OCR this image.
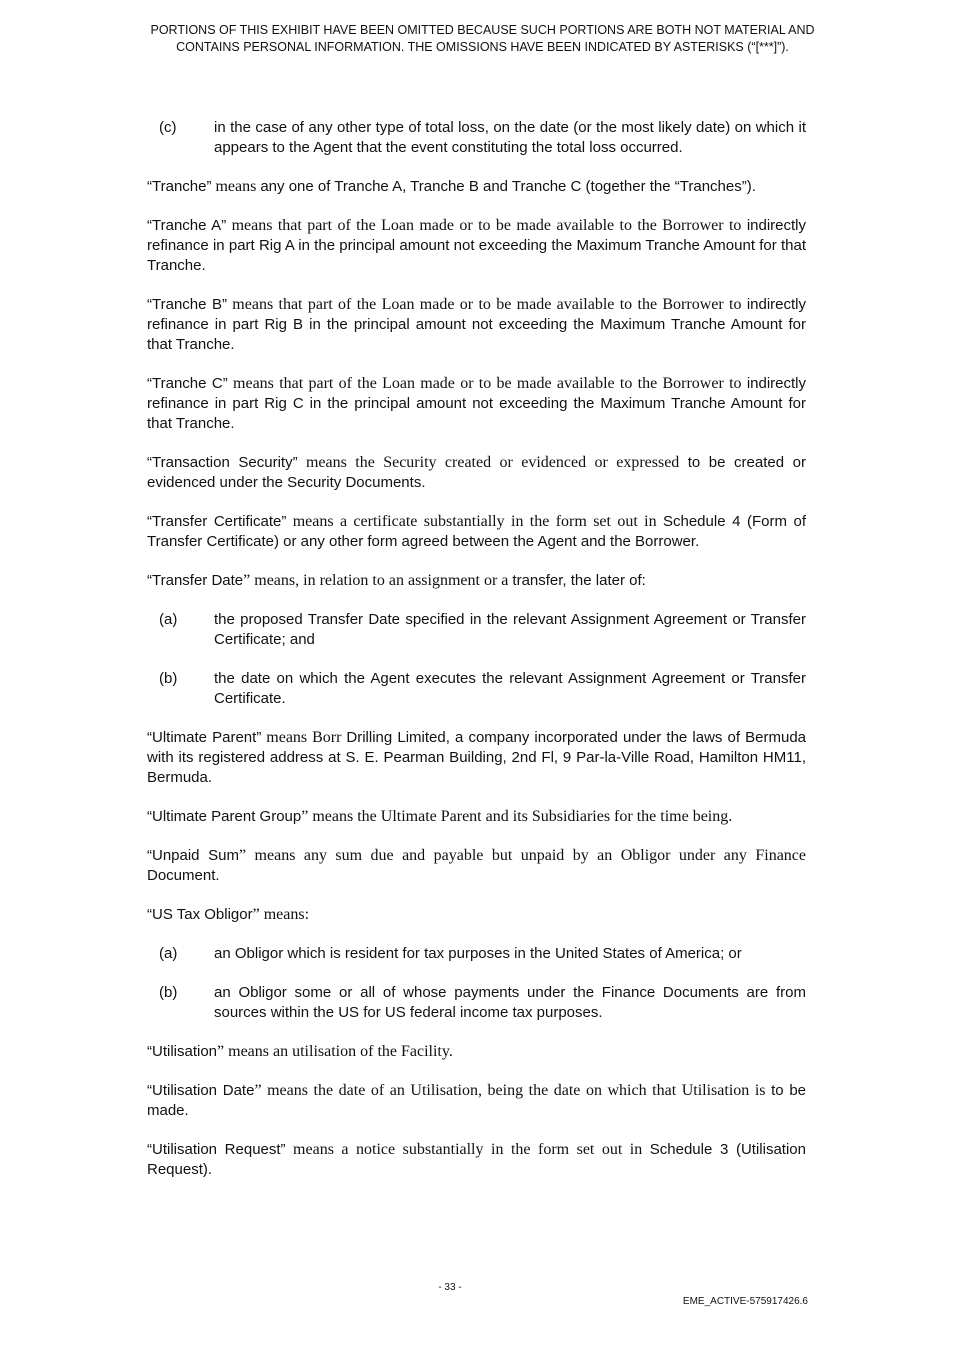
PORTIONS OF THIS EXHIBIT HAVE BEEN OMITTED BECAUSE SUCH PORTIONS ARE BOTH NOT MATERIAL AND
CONTAINS PERSONAL INFORMATION. THE OMISSIONS HAVE BEEN INDICATED BY ASTERISKS (“[***]”).
(c)	in the case of any other type of total loss, on the date (or the most likely date) on which it appears to the Agent that the event constituting the total loss occurred.

“Tranche” means any one of Tranche A, Tranche B and Tranche C (together the “Tranches”).

“Tranche A” means that part of the Loan made or to be made available to the Borrower to indirectly refinance in part Rig A in the principal amount not exceeding the Maximum Tranche Amount for that Tranche.

“Tranche B” means that part of the Loan made or to be made available to the Borrower to indirectly refinance in part Rig B in the principal amount not exceeding the Maximum Tranche Amount for that Tranche.

“Tranche C” means that part of the Loan made or to be made available to the Borrower to indirectly refinance in part Rig C in the principal amount not exceeding the Maximum Tranche Amount for that Tranche.

“Transaction Security” means the Security created or evidenced or expressed to be created or evidenced under the Security Documents.

“Transfer Certificate” means a certificate substantially in the form set out in Schedule 4 (Form of Transfer Certificate) or any other form agreed between the Agent and the Borrower.

“Transfer Date” means, in relation to an assignment or a transfer, the later of:

(a) the proposed Transfer Date specified in the relevant Assignment Agreement or Transfer Certificate; and
(b) the date on which the Agent executes the relevant Assignment Agreement or Transfer Certificate.

“Ultimate Parent” means Borr Drilling Limited, a company incorporated under the laws of Bermuda with its registered address at S. E. Pearman Building, 2nd Fl, 9 Par-la-Ville Road, Hamilton HM11, Bermuda.

“Ultimate Parent Group” means the Ultimate Parent and its Subsidiaries for the time being.

“Unpaid Sum” means any sum due and payable but unpaid by an Obligor under any Finance Document.

“US Tax Obligor” means:

(a) an Obligor which is resident for tax purposes in the United States of America; or
(b) an Obligor some or all of whose payments under the Finance Documents are from sources within the US for US federal income tax purposes.

“Utilisation” means an utilisation of the Facility.

“Utilisation Date” means the date of an Utilisation, being the date on which that Utilisation is to be made.

“Utilisation Request” means a notice substantially in the form set out in Schedule 3 (Utilisation Request).

- 33 -
EME_ACTIVE-575917426.6
